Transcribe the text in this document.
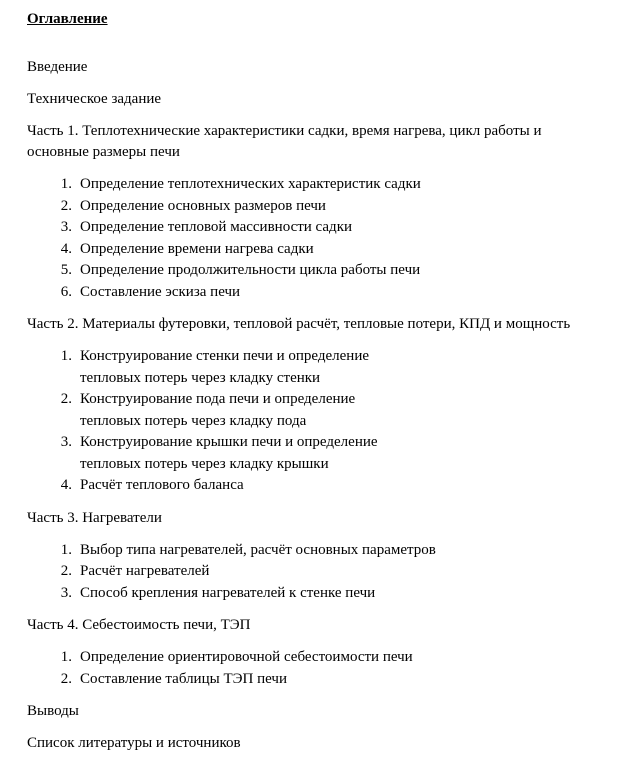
Оглавление
Введение
Техническое задание
Часть 1. Теплотехнические характеристики садки, время нагрева, цикл работы и основные размеры печи
1. Определение теплотехнических характеристик садки
2. Определение основных размеров печи
3. Определение тепловой массивности садки
4. Определение времени нагрева садки
5. Определение продолжительности цикла работы печи
6. Составление эскиза печи
Часть 2. Материалы футеровки, тепловой расчёт, тепловые потери, КПД и мощность
1. Конструирование стенки печи и определение
тепловых потерь через кладку стенки
2. Конструирование пода печи и определение
тепловых потерь через кладку пода
3. Конструирование крышки печи и определение
тепловых потерь через кладку крышки
4. Расчёт теплового баланса
Часть 3. Нагреватели
1. Выбор типа нагревателей, расчёт основных параметров
2. Расчёт нагревателей
3. Способ крепления нагревателей к стенке печи
Часть 4. Себестоимость печи, ТЭП
1. Определение ориентировочной себестоимости печи
2. Составление таблицы ТЭП печи
Выводы
Список литературы и источников
